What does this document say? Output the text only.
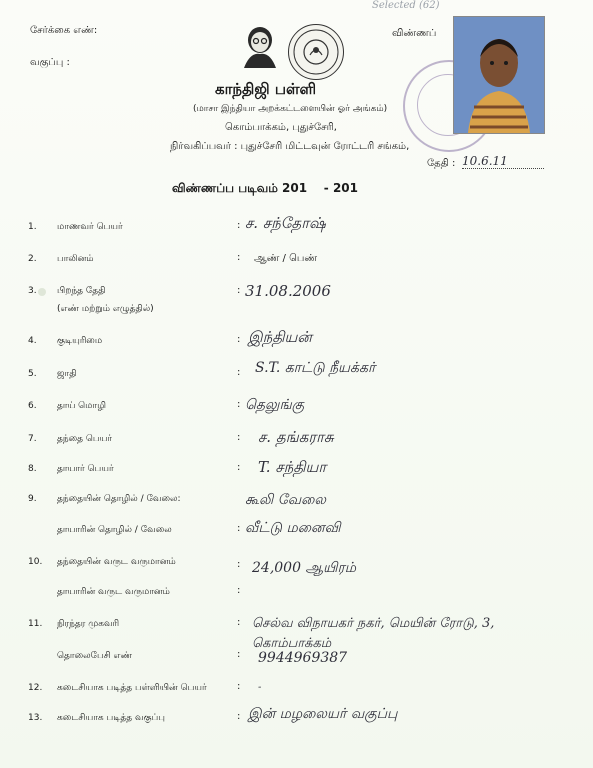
Selected (62)
சேர்க்கை எண்:
வகுப்பு :
விண்ணப்
காந்திஜி பள்ளி
(மாசா இந்தியா அறக்கட்டளையின் ஓர் அங்கம்)
கொம்பாக்கம், புதுச்சேரி,
நிர்வகிப்பவர் : புதுச்சேரி மிட்டவுன் ரோட்டரி சங்கம்,
தேதி : 10.6.11
விண்ணப்ப படிவம் 201    - 201
1.	மாணவர் பெயர்	: ச. சந்தோஷ்
2.	பாலினம்	: ஆண் / பெண்
3.	பிறந்த தேதி
(எண் மற்றும் எழுத்தில்)
: 31.08.2006
4.	குடியுரிமை	: இந்தியன்
5.	ஜாதி	: S.T. காட்டு நீயக்கர்
6.	தாய் மொழி	: தெலுங்கு
7.	தந்தை பெயர்	: ச. தங்கராசு
8.	தாயார் பெயர்	: T. சந்தியா
9.	தந்தையின் தொழில் / வேலை:	கூலி வேலை
தாயாரின் தொழில் / வேலை	: வீட்டு மனைவி
10.	தந்தையின் வருட வருமானம்	: 24,000 ஆயிரம்
தாயாரின் வருட வருமானம்	:
11.	நிரந்தர முகவரி	: செல்வ விநாயகர் நகர், மெயின் ரோடு, 3, கொம்பாக்கம்
தொலைபேசி எண்	: 9944969387
12.	கடைசியாக படித்த பள்ளியின் பெயர்	: -
13.	கடைசியாக படித்த வகுப்பு	: இன் மழலையர் வகுப்பு
